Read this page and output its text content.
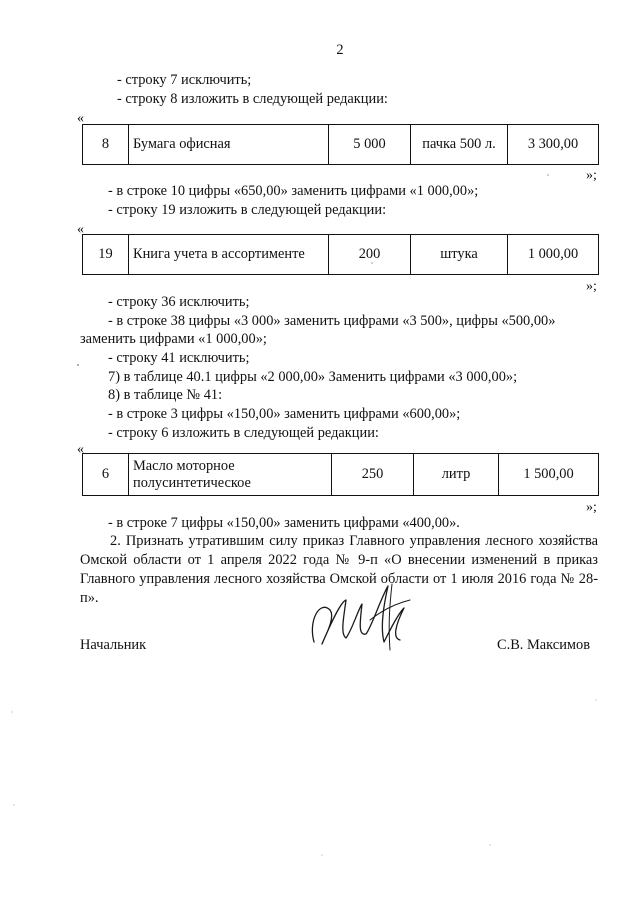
2
- строку 7 исключить;
- строку 8 изложить в следующей редакции:
«
8	Бумага офисная	5 000	пачка 500 л.	3 300,00
»;
- в строке 10 цифры «650,00» заменить цифрами «1 000,00»;
- строку 19 изложить в следующей редакции:
«
19	Книга учета в ассортименте	200	штука	1 000,00
»;
- строку 36 исключить;
- в строке 38 цифры «3 000» заменить цифрами «3 500», цифры «500,00»
заменить цифрами «1 000,00»;
- строку 41 исключить;
7) в таблице 40.1 цифры «2 000,00» Заменить цифрами «3 000,00»;
8) в таблице № 41:
- в строке 3 цифры «150,00» заменить цифрами «600,00»;
- строку 6 изложить в следующей редакции:
«
6	Масло моторное полусинтетическое	250	литр	1 500,00
»;
- в строке 7 цифры «150,00» заменить цифрами «400,00».
2. Признать утратившим силу приказ Главного управления лесного хозяйства Омской области от 1 апреля 2022 года № 9-п «О внесении изменений в приказ Главного управления лесного хозяйства Омской области от 1 июля 2016 года № 28-п».
Начальник	С.В. Максимов
